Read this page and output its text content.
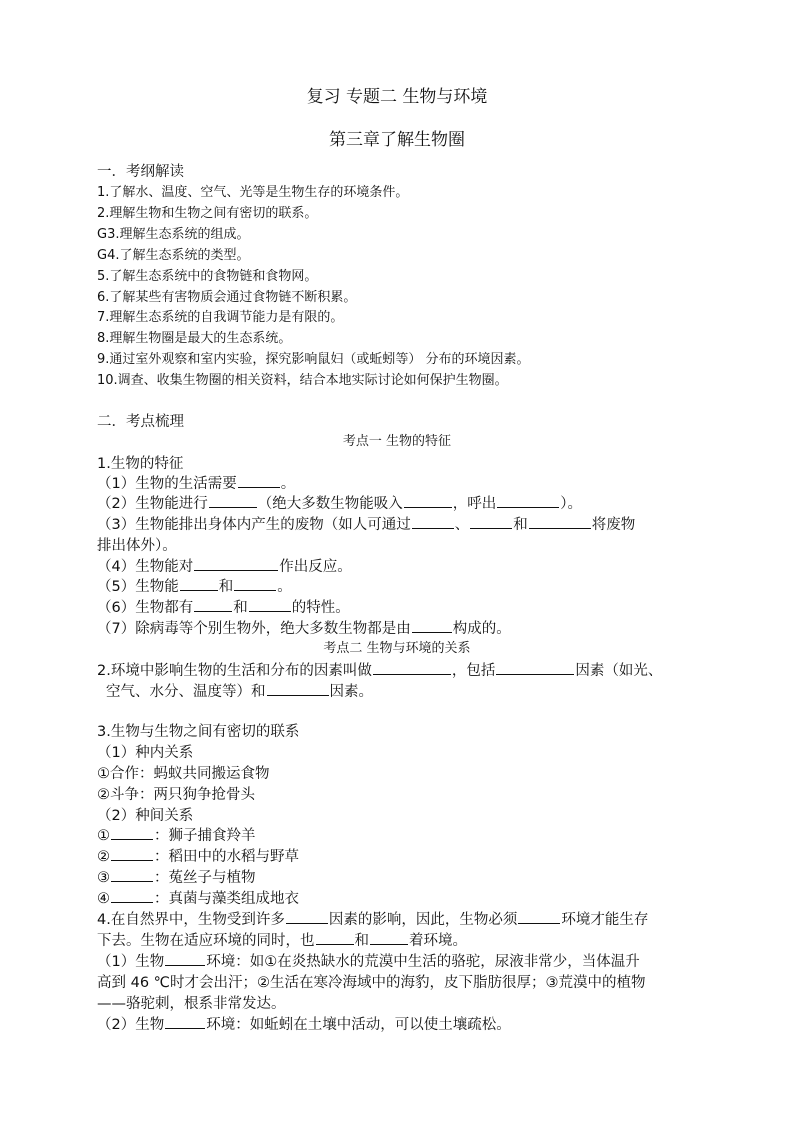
复习 专题二 生物与环境
第三章了解生物圈
一．考纲解读
1.了解水、温度、空气、光等是生物生存的环境条件。
2.理解生物和生物之间有密切的联系。
G3.理解生态系统的组成。
G4.了解生态系统的类型。
5.了解生态系统中的食物链和食物网。
6.了解某些有害物质会通过食物链不断积累。
7.理解生态系统的自我调节能力是有限的。
8.理解生物圈是最大的生态系统。
9.通过室外观察和室内实验，探究影响鼠妇（或蚯蚓等） 分布的环境因素。
10.调查、收集生物圈的相关资料，结合本地实际讨论如何保护生物圈。
二．考点梳理
考点一 生物的特征
1.生物的特征
（1）生物的生活需要	。
（2）生物能进行	（绝大多数生物能吸入	，呼出	）。
（3）生物能排出身体内产生的废物（如人可通过	、	和	将废物
排出体外）。
（4）生物能对	作出反应。
（5）生物能	和	。
（6）生物都有	和	的特性。
（7）除病毒等个别生物外，绝大多数生物都是由	构成的。
考点二 生物与环境的关系
2.环境中影响生物的生活和分布的因素叫做	，包括	因素（如光、
空气、水分、温度等）和	因素。
3.生物与生物之间有密切的联系
（1）种内关系
①合作：蚂蚁共同搬运食物
②斗争：两只狗争抢骨头
（2）种间关系
①	：狮子捕食羚羊
②	：稻田中的水稻与野草
③	：菟丝子与植物
④	：真菌与藻类组成地衣
4.在自然界中，生物受到许多	因素的影响，因此，生物必须	环境才能生存
下去。生物在适应环境的同时，也	和	着环境。
（1）生物	环境：如①在炎热缺水的荒漠中生活的骆驼，尿液非常少，当体温升
高到 46 ℃时才会出汗；②生活在寒冷海域中的海豹，皮下脂肪很厚；③荒漠中的植物
——骆驼刺，根系非常发达。
（2）生物	环境：如蚯蚓在土壤中活动，可以使土壤疏松。
